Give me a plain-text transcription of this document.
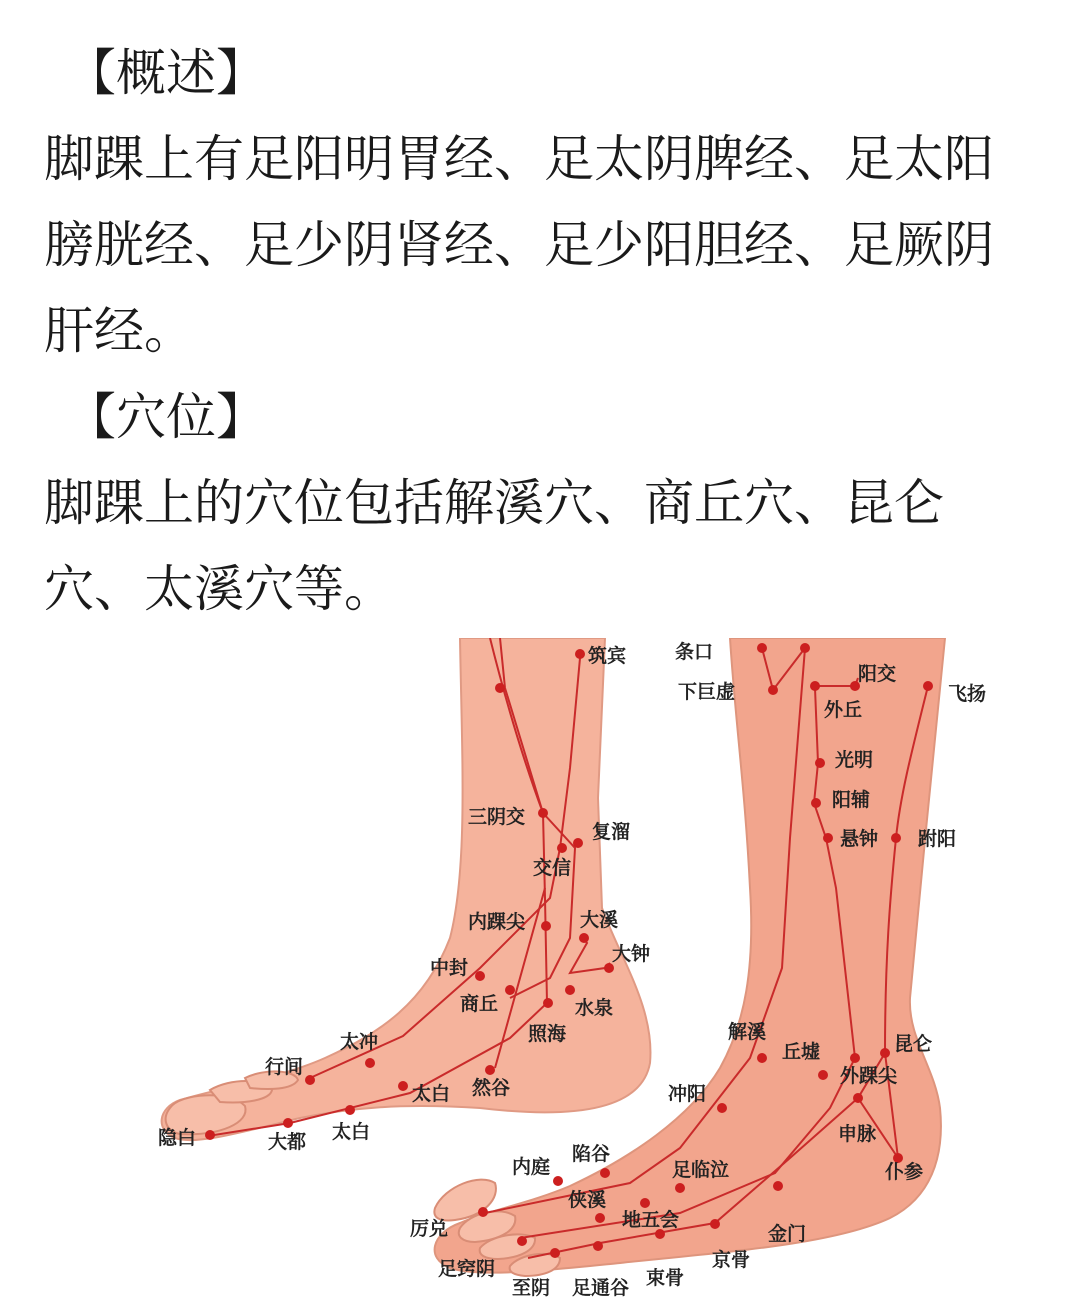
【概述】

脚踝上有足阳明胃经、足太阴脾经、足太阳

膀胱经、足少阴肾经、足少阳胆经、足厥阴

肝经。

【穴位】

脚踝上的穴位包括解溪穴、商丘穴、昆仑

穴、太溪穴等。

筑宾
三阴交
复溜
交信
内踝尖	大溪
大钟
中封
商丘	水泉
照海
太冲
行间
太白 然谷
隐白	大都 太白
条口
下巨虚
阳交
飞扬
外丘
光明
阳辅
悬钟 跗阳
解溪
丘墟	昆仑
外踝尖
冲阳
申脉
内庭
陷谷
足临泣	仆参
侠溪
地五会
厉兑	金门
京骨
足窍阴	束骨
至阴 足通谷
